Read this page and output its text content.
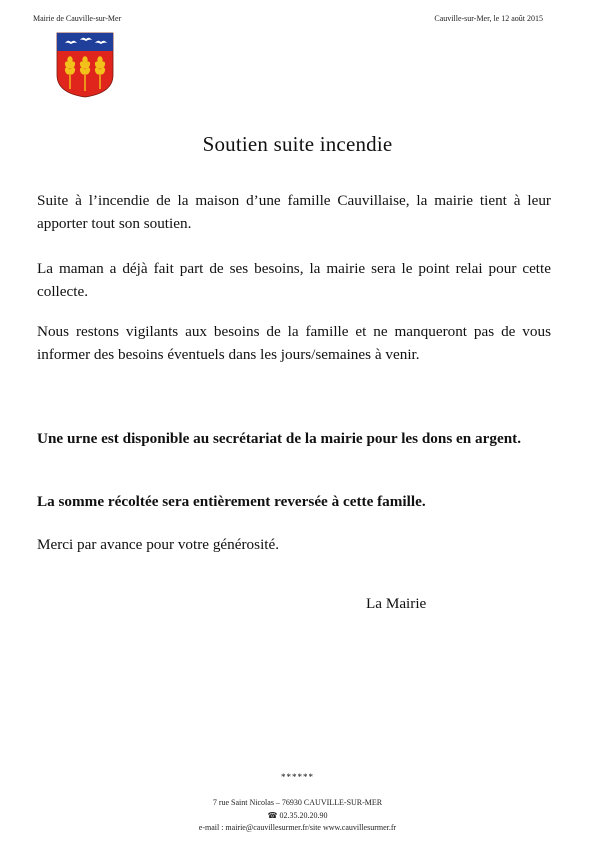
Mairie de Cauville-sur-Mer	Cauville-sur-Mer, le 12 août 2015
Soutien suite incendie

Suite à l’incendie de la maison d’une famille Cauvillaise, la mairie tient à leur apporter tout son soutien.

La maman a déjà fait part de ses besoins, la mairie sera le point relai pour cette collecte.

Nous restons vigilants aux besoins de la famille et ne manqueront pas de vous informer des besoins éventuels dans les jours/semaines à venir.

Une urne est disponible au secrétariat de la mairie pour les dons en argent.

La somme récoltée sera entièrement reversée à cette famille.

Merci par avance pour votre générosité.

La Mairie

******
7 rue Saint Nicolas – 76930 CAUVILLE-SUR-MER
☎ 02.35.20.20.90
e-mail : mairie@cauvillesurmer.fr/site www.cauvillesurmer.fr
